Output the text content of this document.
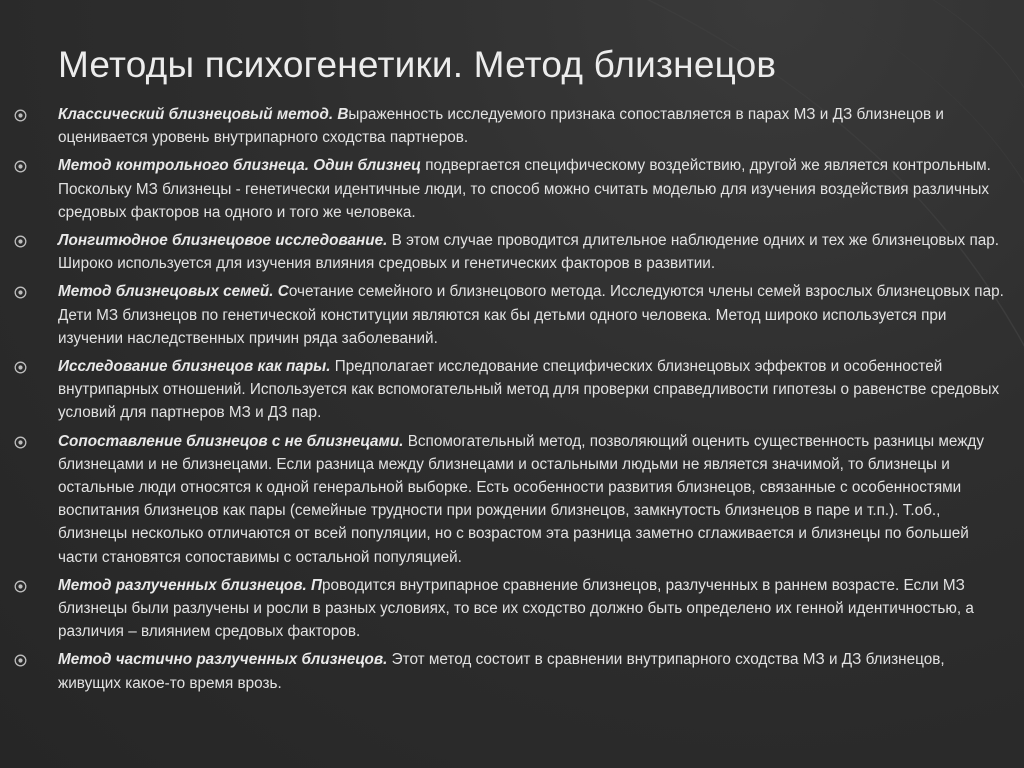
Методы психогенетики. Метод близнецов
Классический близнецовый метод. Выраженность исследуемого признака сопоставляется в парах МЗ и ДЗ близнецов и оценивается уровень внутрипарного сходства партнеров.
Метод контрольного близнеца. Один близнец подвергается специфическому воздействию, другой же является контрольным. Поскольку МЗ близнецы - генетически идентичные люди, то способ можно считать моделью для изучения воздействия различных средовых факторов на одного и того же человека.
Лонгитюдное близнецовое исследование. В этом случае проводится длительное наблюдение одних и тех же близнецовых пар. Широко используется для изучения влияния средовых и генетических факторов в развитии.
Метод близнецовых семей. Сочетание семейного и близнецового метода. Исследуются члены семей взрослых близнецовых пар. Дети МЗ близнецов по генетической конституции являются как бы детьми одного человека. Метод широко используется при изучении наследственных причин ряда заболеваний.
Исследование близнецов как пары. Предполагает исследование специфических близнецовых эффектов и особенностей внутрипарных отношений. Используется как вспомогательный метод для проверки справедливости гипотезы о равенстве средовых условий для партнеров МЗ и ДЗ пар.
Сопоставление близнецов с не близнецами. Вспомогательный метод, позволяющий оценить существенность разницы между близнецами и не близнецами. Если разница между близнецами и остальными людьми не является значимой, то близнецы и остальные люди относятся к одной генеральной выборке. Есть особенности развития близнецов, связанные с особенностями воспитания близнецов как пары (семейные трудности при рождении близнецов, замкнутость близнецов в паре и т.п.). Т.об., близнецы несколько отличаются от всей популяции, но с возрастом эта разница заметно сглаживается и близнецы по большей части становятся сопоставимы с остальной популяцией.
Метод разлученных близнецов. Проводится внутрипарное сравнение близнецов, разлученных в раннем возрасте. Если МЗ близнецы были разлучены и росли в разных условиях, то все их сходство должно быть определено их генной идентичностью, а различия – влиянием средовых факторов.
Метод частично разлученных близнецов. Этот метод состоит в сравнении внутрипарного сходства МЗ и ДЗ близнецов, живущих какое-то время врозь.
